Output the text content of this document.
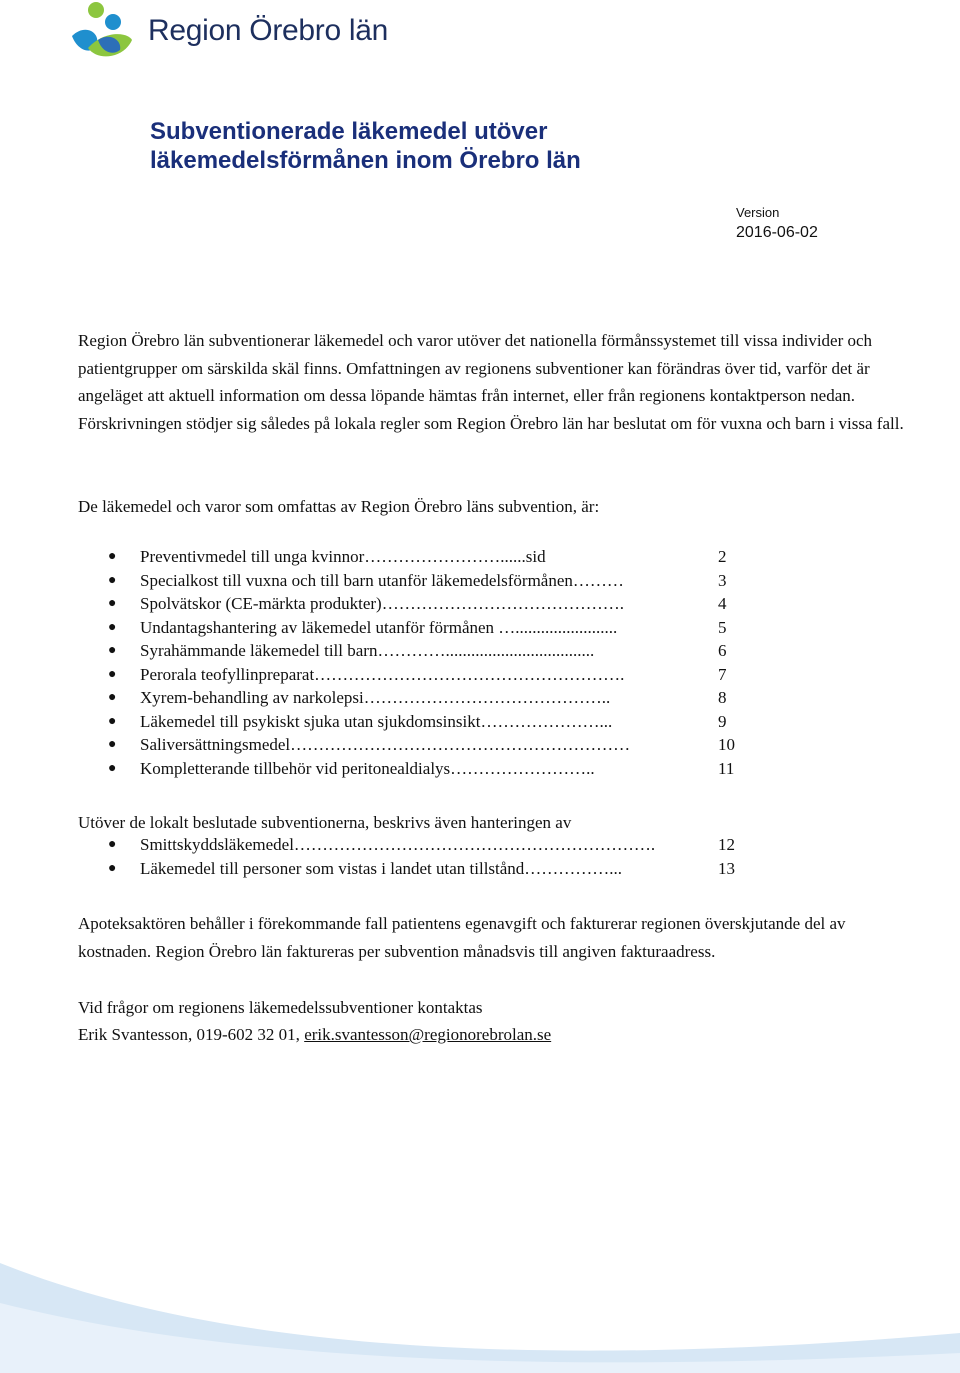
Region Örebro län
Subventionerade läkemedel utöver
läkemedelsförmånen inom Örebro län
Version
2016-06-02

Region Örebro län subventionerar läkemedel och varor utöver det nationella förmånssystemet till vissa individer och patientgrupper om särskilda skäl finns. Omfattningen av regionens subventioner kan förändras över tid, varför det är angeläget att aktuell information om dessa löpande hämtas från internet, eller från regionens kontaktperson nedan. Förskrivningen stödjer sig således på lokala regler som Region Örebro län har beslutat om för vuxna och barn i vissa fall.

De läkemedel och varor som omfattas av Region Örebro läns subvention, är:

● Preventivmedel till unga kvinnor……………………......sid	2
● Specialkost till vuxna och till barn utanför läkemedelsförmånen………	3
● Spolvätskor (CE-märkta produkter)…………………………………….	4
● Undantagshantering av läkemedel utanför förmånen …........................	5
● Syrahämmande läkemedel till barn…………...................................	6
● Perorala teofyllinpreparat……………………………………………….	7
● Xyrem-behandling av narkolepsi……………………………………..	8
● Läkemedel till psykiskt sjuka utan sjukdomsinsikt…………………...	9
● Saliversättningsmedel……………………………………………………	10
● Kompletterande tillbehör vid peritonealdialys……………………..	11

Utöver de lokalt beslutade subventionerna, beskrivs även hanteringen av

● Smittskyddsläkemedel……………………………………………………….	12
● Läkemedel till personer som vistas i landet utan tillstånd……………...	13

Apoteksaktören behåller i förekommande fall patientens egenavgift och fakturerar regionen överskjutande del av kostnaden. Region Örebro län faktureras per subvention månadsvis till angiven fakturaadress.

Vid frågor om regionens läkemedelssubventioner kontaktas

Erik Svantesson, 019-602 32 01, erik.svantesson@regionorebrolan.se
